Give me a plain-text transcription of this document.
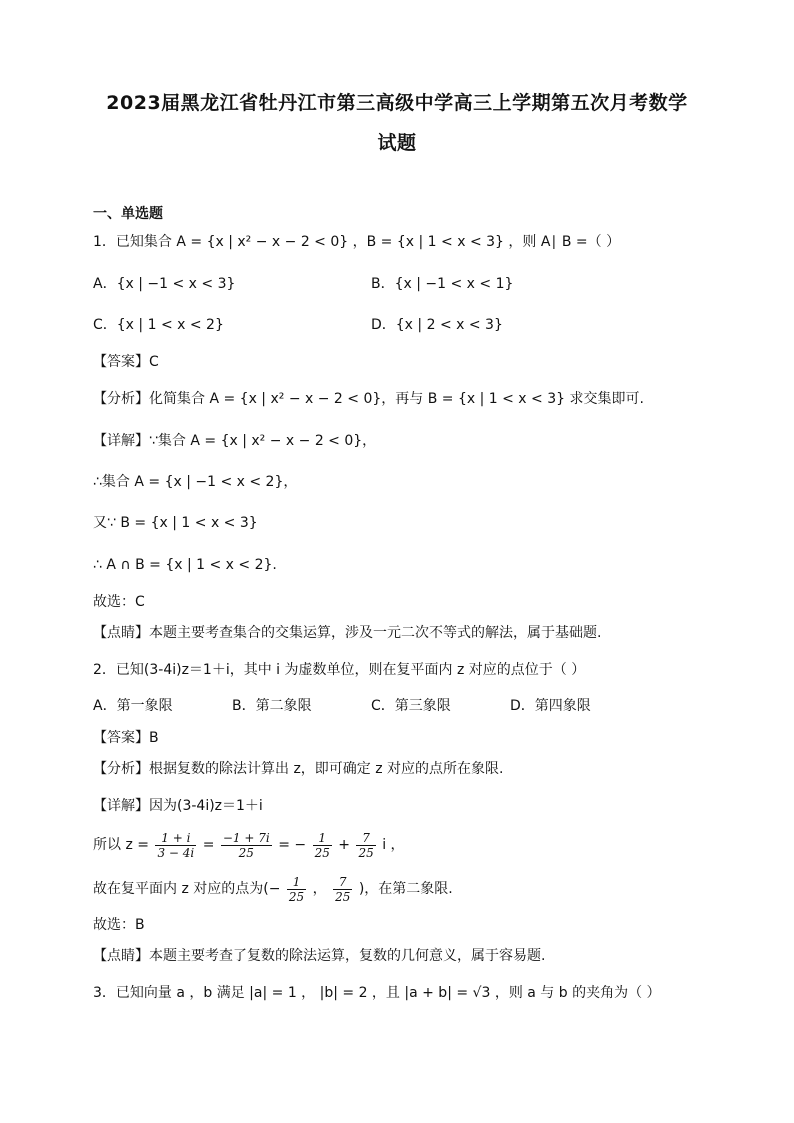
2023届黑龙江省牡丹江市第三高级中学高三上学期第五次月考数学
试题
一、单选题
1．已知集合 A = {x | x² − x − 2 < 0} ，B = {x | 1 < x < 3} ，则 A∣ B =（ ）
A．{x | −1 < x < 3}	B．{x | −1 < x < 1}
C．{x | 1 < x < 2}	D．{x | 2 < x < 3}
【答案】C
【分析】化简集合 A = {x | x² − x − 2 < 0}，再与 B = {x | 1 < x < 3} 求交集即可.
【详解】∵集合 A = {x | x² − x − 2 < 0}，
∴集合 A = {x | −1 < x < 2}，
又∵ B = {x | 1 < x < 3}
∴ A ∩ B = {x | 1 < x < 2}.
故选：C
【点睛】本题主要考查集合的交集运算，涉及一元二次不等式的解法，属于基础题.
2．已知(3-4i)z＝1＋i，其中 i 为虚数单位，则在复平面内 z 对应的点位于（ ）
A．第一象限	B．第二象限	C．第三象限	D．第四象限
【答案】B
【分析】根据复数的除法计算出 z，即可确定 z 对应的点所在象限.
【详解】因为(3-4i)z＝1＋i
所以 $z = \frac{1 + i}{3 - 4i} = \frac{-1 + 7i}{25}$ = − $\frac{1}{25} + \frac{7}{25}$ i ，
故在复平面内 z 对应的点为(− $\frac{1}{25}$ ， $\frac{7}{25}$ )，在第二象限.
故选：B
【点睛】本题主要考查了复数的除法运算，复数的几何意义，属于容易题.
3．已知向量 a ，b 满足 |a| = 1 ， |b| = 2 ，且 |a + b| = √3 ，则 a 与 b 的夹角为（ ）
